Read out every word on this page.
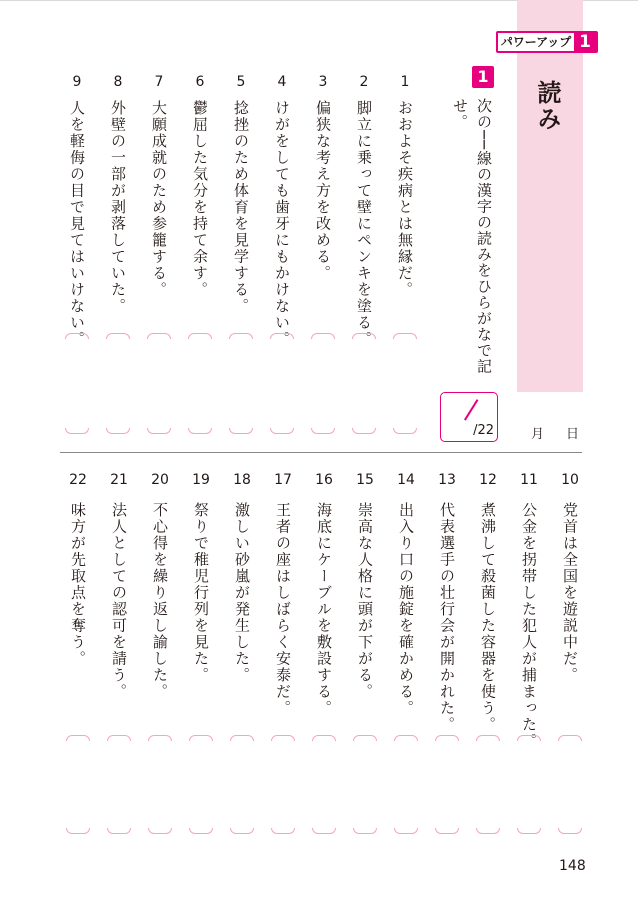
パワーアップ 1
読み
1
次の──線の漢字の読みをひらがなで記せ。
/22	月 日
1
おおよそ疾病とは無縁だ。
2
脚立に乗って壁にペンキを塗る。
3
偏狭な考え方を改める。
4
けがをしても歯牙にもかけない。
5
捻挫のため体育を見学する。
6
鬱屈した気分を持て余す。
7
大願成就のため参籠する。
8
外壁の一部が剥落していた。
9
人を軽侮の目で見てはいけない。
10
党首は全国を遊説中だ。
11
公金を拐帯した犯人が捕まった。
12
煮沸して殺菌した容器を使う。
13
代表選手の壮行会が開かれた。
14
出入り口の施錠を確かめる。
15
崇高な人格に頭が下がる。
16
海底にケーブルを敷設する。
17
王者の座はしばらく安泰だ。
18
激しい砂嵐が発生した。
19
祭りで稚児行列を見た。
20
不心得を繰り返し諭した。
21
法人としての認可を請う。
22
味方が先取点を奪う。
148
